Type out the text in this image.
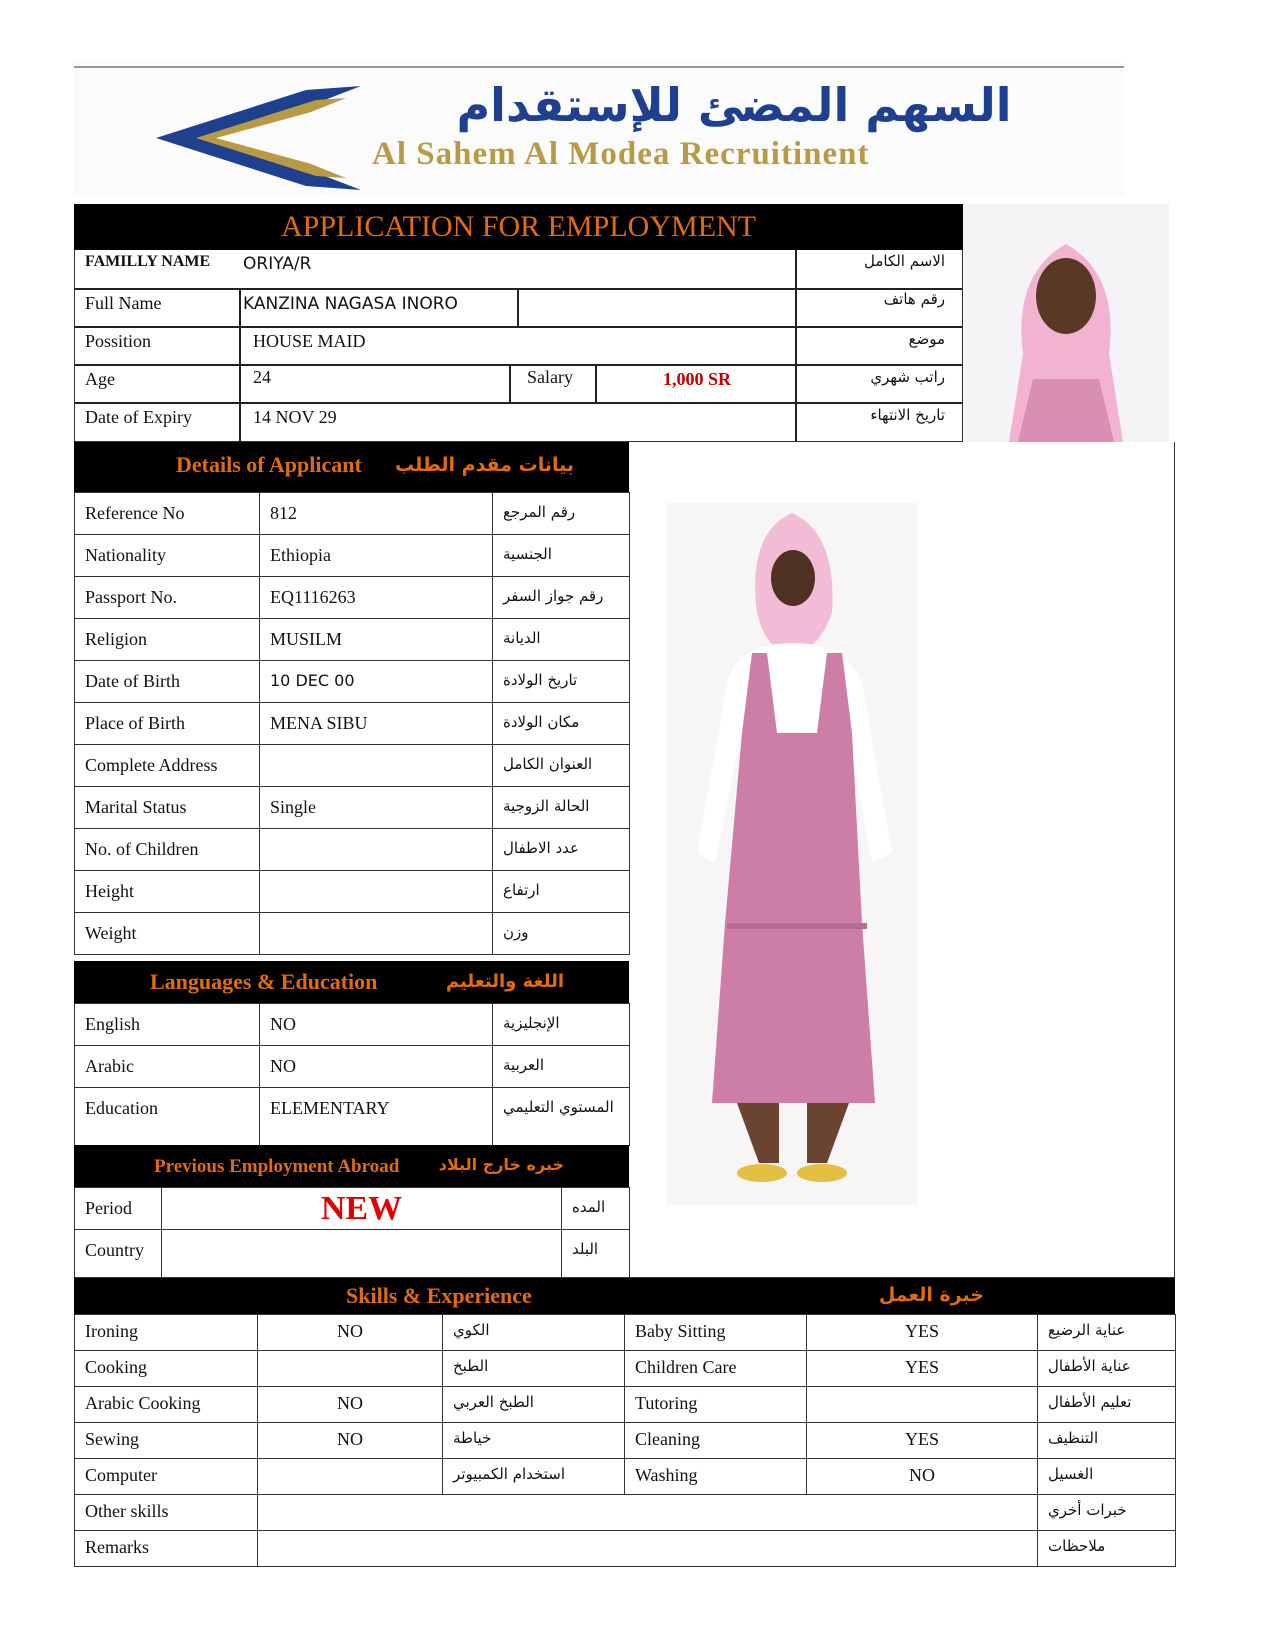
السهم المضئ للإستقدام
Al Sahem Al Modea Recruitinent
APPLICATION FOR EMPLOYMENT
FAMILLY NAME ORIYA/R	الاسم الكامل
Full Name	KANZINA NAGASA INORO	رقم هاتف
Possition	HOUSE MAID	موضع
Age	24	Salary	1,000 SR	راتب شهري
Date of Expiry	14 NOV 29	تاريخ الانتهاء
Details of Applicant بيانات مقدم الطلب
Reference No	812	رقم المرجع
Nationality	Ethiopia	الجنسية
Passport No.	EQ1116263	رقم جواز السفر
Religion	MUSILM	الديانة
Date of Birth	10 DEC 00	تاريخ الولادة
Place of Birth	MENA SIBU	مكان الولادة
Complete Address		العنوان الكامل
Marital Status	Single	الحالة الزوجية
No. of Children		عدد الاطفال
Height		ارتفاع
Weight		وزن
Languages & Education	اللغة والتعليم
English	NO	الإنجليزية
Arabic	NO	العربية
Education	ELEMENTARY	المستوي التعليمي
Previous Employment Abroad خبره خارج البلاد
Period	NEW	المده
Country		البلد
Skills & Experience	خبرة العمل
Ironing	NO	الكوي	Baby Sitting	YES	عناية الرضيع
Cooking		الطبخ	Children Care	YES	عناية الأطفال
Arabic Cooking	NO	الطبخ العربي	Tutoring		تعليم الأطفال
Sewing	NO	خياطة	Cleaning	YES	التنظيف
Computer		استخدام الكمبيوتر	Washing	NO	الغسيل
Other skills					خبرات أخري
Remarks					ملاحظات
